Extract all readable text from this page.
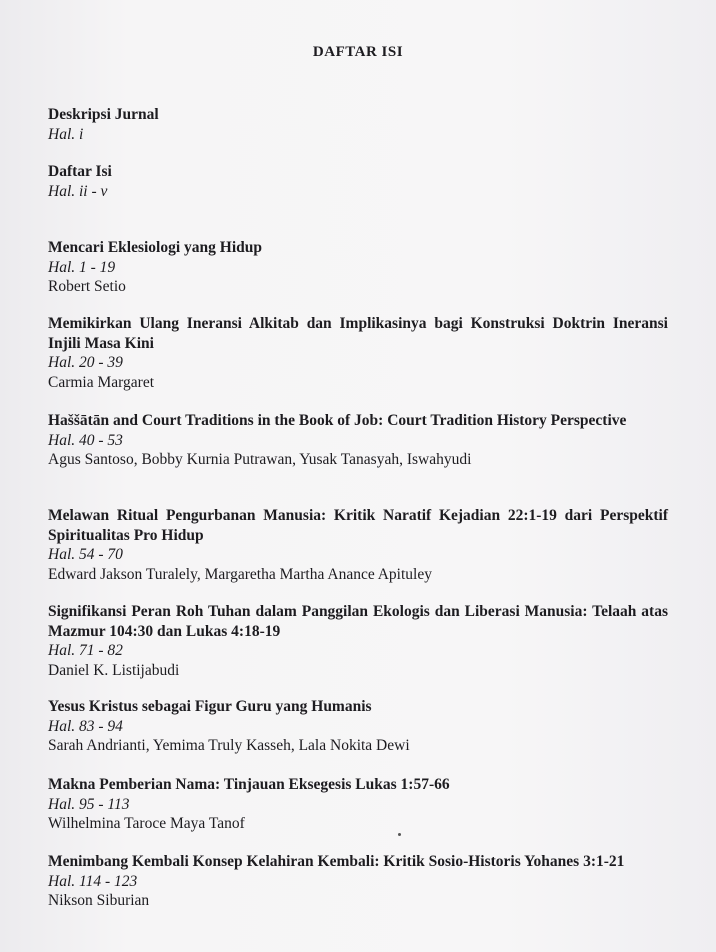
DAFTAR ISI
Deskripsi Jurnal
Hal. i
Daftar Isi
Hal. ii - v
Mencari Eklesiologi yang Hidup
Hal. 1 - 19
Robert Setio
Memikirkan Ulang Ineransi Alkitab dan Implikasinya bagi Konstruksi Doktrin Ineransi Injili Masa Kini
Hal. 20 - 39
Carmia Margaret
Haššātān and Court Traditions in the Book of Job: Court Tradition History Perspective
Hal. 40 - 53
Agus Santoso, Bobby Kurnia Putrawan, Yusak Tanasyah, Iswahyudi
Melawan Ritual Pengurbanan Manusia: Kritik Naratif Kejadian 22:1-19 dari Perspektif Spiritualitas Pro Hidup
Hal. 54 - 70
Edward Jakson Turalely, Margaretha Martha Anance Apituley
Signifikansi Peran Roh Tuhan dalam Panggilan Ekologis dan Liberasi Manusia: Telaah atas Mazmur 104:30 dan Lukas 4:18-19
Hal. 71 - 82
Daniel K. Listijabudi
Yesus Kristus sebagai Figur Guru yang Humanis
Hal. 83 - 94
Sarah Andrianti, Yemima Truly Kasseh, Lala Nokita Dewi
Makna Pemberian Nama: Tinjauan Eksegesis Lukas 1:57-66
Hal. 95 - 113
Wilhelmina Taroce Maya Tanof
Menimbang Kembali Konsep Kelahiran Kembali: Kritik Sosio-Historis Yohanes 3:1-21
Hal. 114 - 123
Nikson Siburian
